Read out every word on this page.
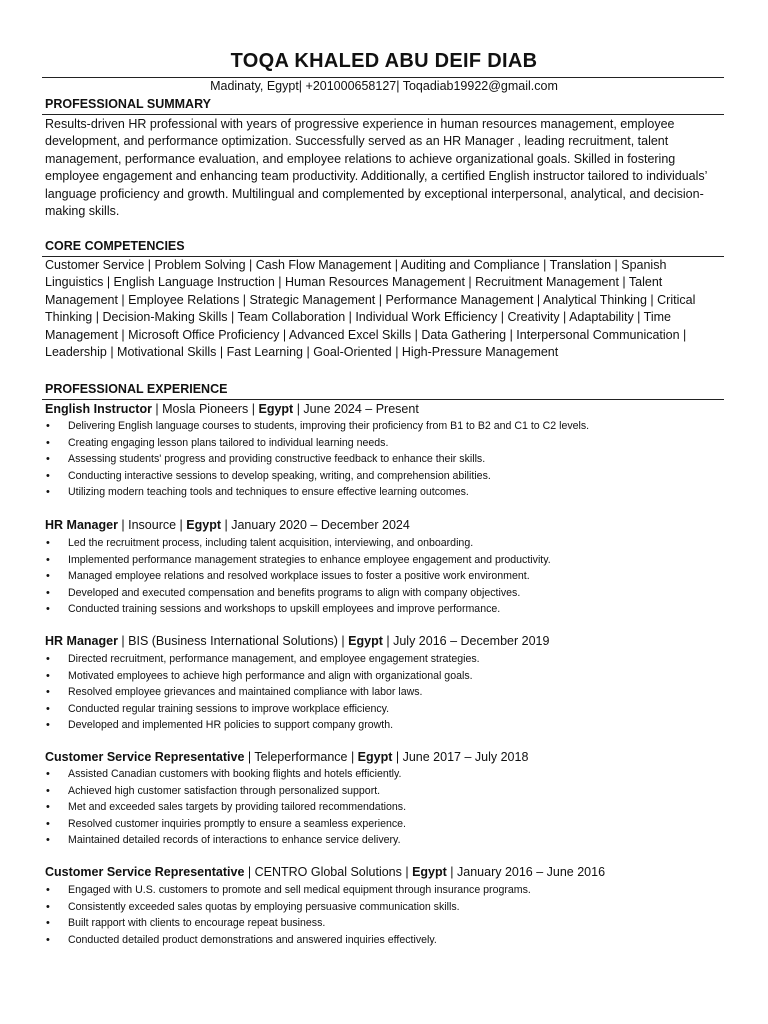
TOQA KHALED ABU DEIF DIAB
Madinaty, Egypt| +201000658127| Toqadiab19922@gmail.com
PROFESSIONAL SUMMARY

Results-driven HR professional with years of progressive experience in human resources management, employee development, and performance optimization. Successfully served as an HR Manager , leading recruitment, talent management, performance evaluation, and employee relations to achieve organizational goals. Skilled in fostering employee engagement and enhancing team productivity. Additionally, a certified English instructor tailored to individuals’ language proficiency and growth. Multilingual and complemented by exceptional interpersonal, analytical, and decision-making skills.

CORE COMPETENCIES

Customer Service | Problem Solving | Cash Flow Management | Auditing and Compliance | Translation | Spanish Linguistics | English Language Instruction | Human Resources Management | Recruitment Management | Talent Management | Employee Relations | Strategic Management | Performance Management | Analytical Thinking | Critical Thinking | Decision-Making Skills | Team Collaboration | Individual Work Efficiency | Creativity | Adaptability | Time Management | Microsoft Office Proficiency | Advanced Excel Skills | Data Gathering | Interpersonal Communication | Leadership | Motivational Skills | Fast Learning | Goal-Oriented | High-Pressure Management

PROFESSIONAL EXPERIENCE
English Instructor | Mosla Pioneers | Egypt | June 2024 – Present
• Delivering English language courses to students, improving their proficiency from B1 to B2 and C1 to C2 levels.
• Creating engaging lesson plans tailored to individual learning needs.
• Assessing students' progress and providing constructive feedback to enhance their skills.
• Conducting interactive sessions to develop speaking, writing, and comprehension abilities.
• Utilizing modern teaching tools and techniques to ensure effective learning outcomes.
HR Manager | Insource | Egypt | January 2020 – December 2024
• Led the recruitment process, including talent acquisition, interviewing, and onboarding.
• Implemented performance management strategies to enhance employee engagement and productivity.
• Managed employee relations and resolved workplace issues to foster a positive work environment.
• Developed and executed compensation and benefits programs to align with company objectives.
• Conducted training sessions and workshops to upskill employees and improve performance.
HR Manager | BIS (Business International Solutions) | Egypt | July 2016 – December 2019
• Directed recruitment, performance management, and employee engagement strategies.
• Motivated employees to achieve high performance and align with organizational goals.
• Resolved employee grievances and maintained compliance with labor laws.
• Conducted regular training sessions to improve workplace efficiency.
• Developed and implemented HR policies to support company growth.
Customer Service Representative | Teleperformance | Egypt | June 2017 – July 2018
• Assisted Canadian customers with booking flights and hotels efficiently.
• Achieved high customer satisfaction through personalized support.
• Met and exceeded sales targets by providing tailored recommendations.
• Resolved customer inquiries promptly to ensure a seamless experience.
• Maintained detailed records of interactions to enhance service delivery.
Customer Service Representative | CENTRO Global Solutions | Egypt | January 2016 – June 2016
• Engaged with U.S. customers to promote and sell medical equipment through insurance programs.
• Consistently exceeded sales quotas by employing persuasive communication skills.
• Built rapport with clients to encourage repeat business.
• Conducted detailed product demonstrations and answered inquiries effectively.
